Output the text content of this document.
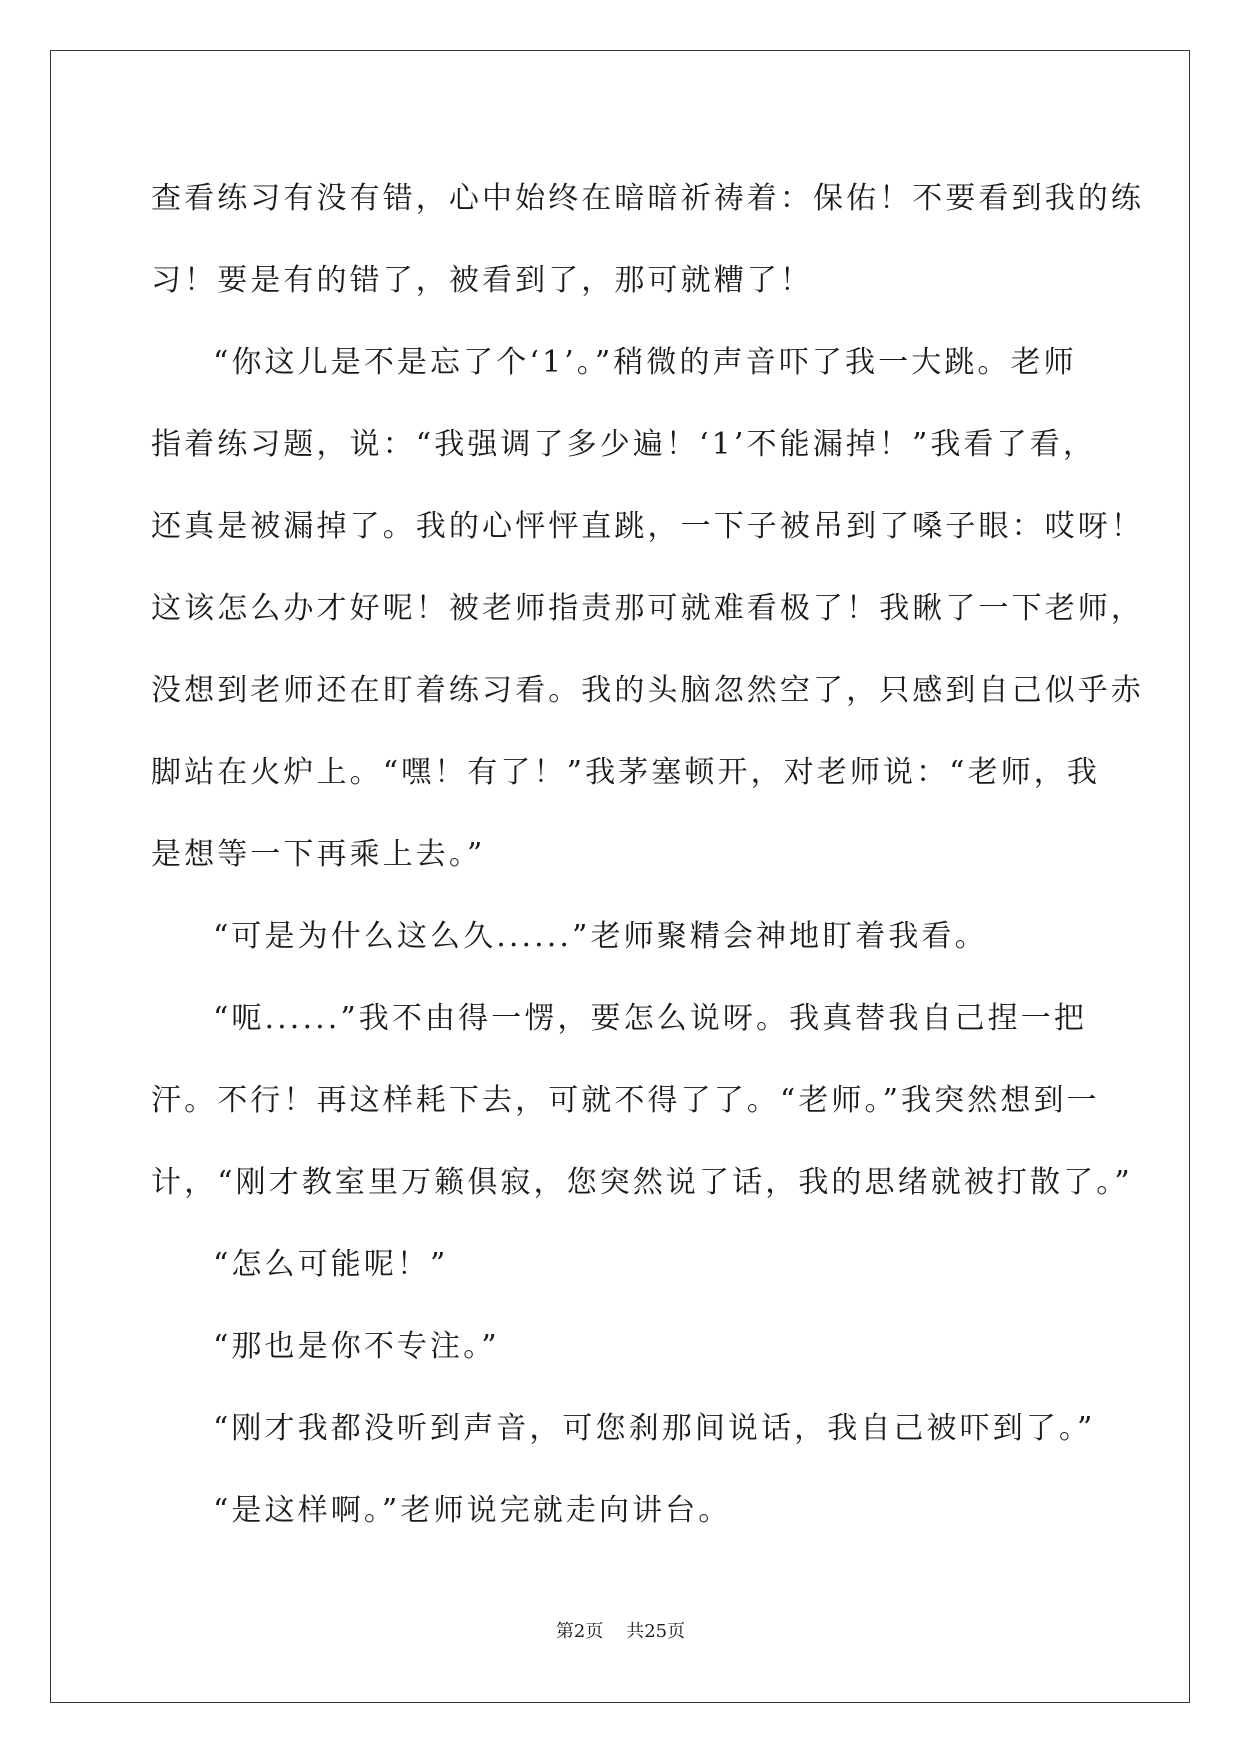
查看练习有没有错，心中始终在暗暗祈祷着：保佑！不要看到我的练
习！要是有的错了，被看到了，那可就糟了！
“你这儿是不是忘了个‘1’。”稍微的声音吓了我一大跳。老师
指着练习题，说：“我强调了多少遍！‘1’不能漏掉！”我看了看，
还真是被漏掉了。我的心怦怦直跳，一下子被吊到了嗓子眼：哎呀！
这该怎么办才好呢！被老师指责那可就难看极了！我瞅了一下老师，
没想到老师还在盯着练习看。我的头脑忽然空了，只感到自己似乎赤
脚站在火炉上。“嘿！有了！”我茅塞顿开，对老师说：“老师，我
是想等一下再乘上去。”
“可是为什么这么久......”老师聚精会神地盯着我看。
“呃......”我不由得一愣，要怎么说呀。我真替我自己捏一把
汗。不行！再这样耗下去，可就不得了了。“老师。”我突然想到一
计，“刚才教室里万籁俱寂，您突然说了话，我的思绪就被打散了。”
“怎么可能呢！”
“那也是你不专注。”
“刚才我都没听到声音，可您刹那间说话，我自己被吓到了。”
“是这样啊。”老师说完就走向讲台。
第2页 共25页
